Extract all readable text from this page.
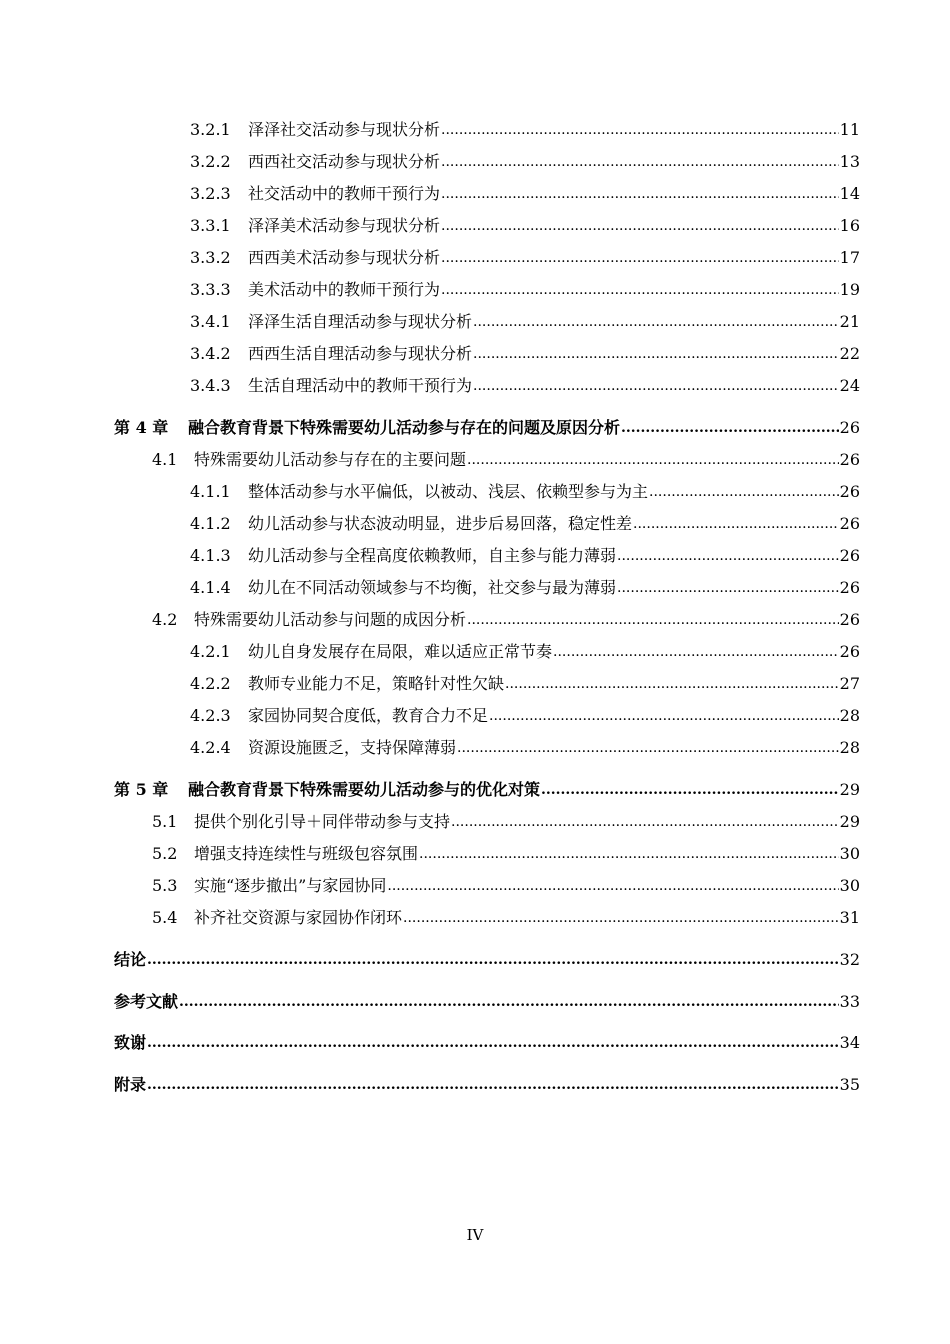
3.2.1	泽泽社交活动参与现状分析 .....	11
3.2.2	西西社交活动参与现状分析 .....	13
3.2.3	社交活动中的教师干预行为 .....	14
3.3.1	泽泽美术活动参与现状分析 .....	16
3.3.2	西西美术活动参与现状分析 .....	17
3.3.3	美术活动中的教师干预行为 .....	19
3.4.1	泽泽生活自理活动参与现状分析 .....	21
3.4.2	西西生活自理活动参与现状分析 .....	22
3.4.3	生活自理活动中的教师干预行为 .....	24
第 4 章	融合教育背景下特殊需要幼儿活动参与存在的问题及原因分析 .....	26
4.1	特殊需要幼儿活动参与存在的主要问题 .....	26
4.1.1	整体活动参与水平偏低，以被动、浅层、依赖型参与为主 .....	26
4.1.2	幼儿活动参与状态波动明显，进步后易回落，稳定性差 .....	26
4.1.3	幼儿活动参与全程高度依赖教师，自主参与能力薄弱 .....	26
4.1.4	幼儿在不同活动领域参与不均衡，社交参与最为薄弱 .....	26
4.2	特殊需要幼儿活动参与问题的成因分析 .....	26
4.2.1	幼儿自身发展存在局限，难以适应正常节奏 .....	26
4.2.2	教师专业能力不足，策略针对性欠缺 .....	27
4.2.3	家园协同契合度低，教育合力不足 .....	28
4.2.4	资源设施匮乏，支持保障薄弱 .....	28
第 5 章	融合教育背景下特殊需要幼儿活动参与的优化对策 .....	29
5.1	提供个别化引导＋同伴带动参与支持 .....	29
5.2	增强支持连续性与班级包容氛围 .....	30
5.3	实施“逐步撤出”与家园协同 .....	30
5.4	补齐社交资源与家园协作闭环 .....	31
结论 .....	32
参考文献 .....	33
致谢 .....	34
附录 .....	35
IV
